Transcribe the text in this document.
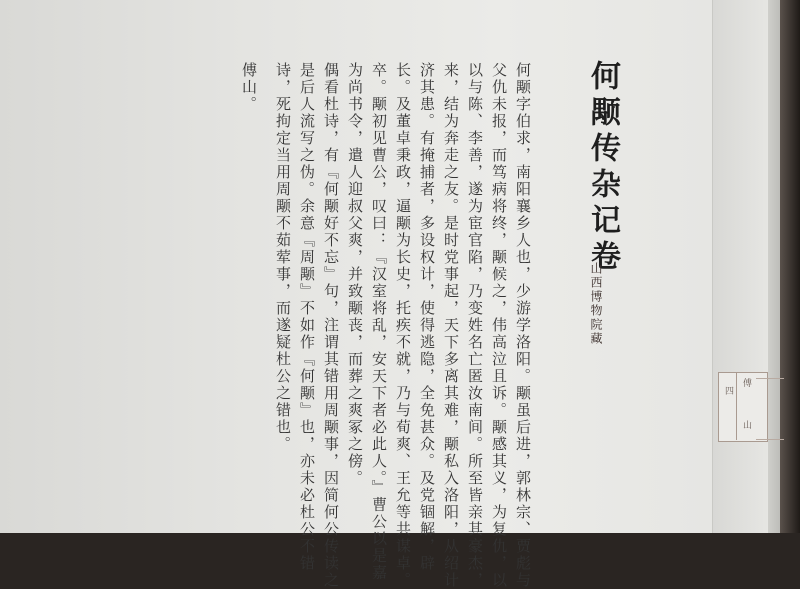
四
傅
山
何颙传杂记卷
山西博物院藏
何颙字伯求，南阳襄乡人也，少游学洛阳。颙虽后进，郭林宗、贾彪与
父仇未报，而笃病将终，颙候之，伟高泣且诉。颙感其义，为复仇，以
以与陈、李善，遂为宦官陷，乃变姓名亡匿汝南间。所至皆亲其豪杰，
来，结为奔走之友。是时党事起，天下多离其难，颙私入洛阳，从绍计
济其患。有掩捕者，多设权计，使得逃隐，全免甚众。及党锢解，辟
长。及董卓秉政，逼颙为长史，托疾不就，乃与荀爽、王允等共谋卓。
卒。颙初见曹公，叹曰：『汉室将乱，安天下者必此人。』曹公以是嘉
为尚书令，遣人迎叔父爽，并致颙丧，而葬之爽冢之傍。
偶看杜诗，有『何颙好不忘』句，注谓其错用周颙事，因简何公传读之
是后人流写之伪。余意『周颙』不如作『何颙』也，亦未必杜公不错
诗，死拘定当用周颙不茹荤事，而遂疑杜公之错也。
傅山。
